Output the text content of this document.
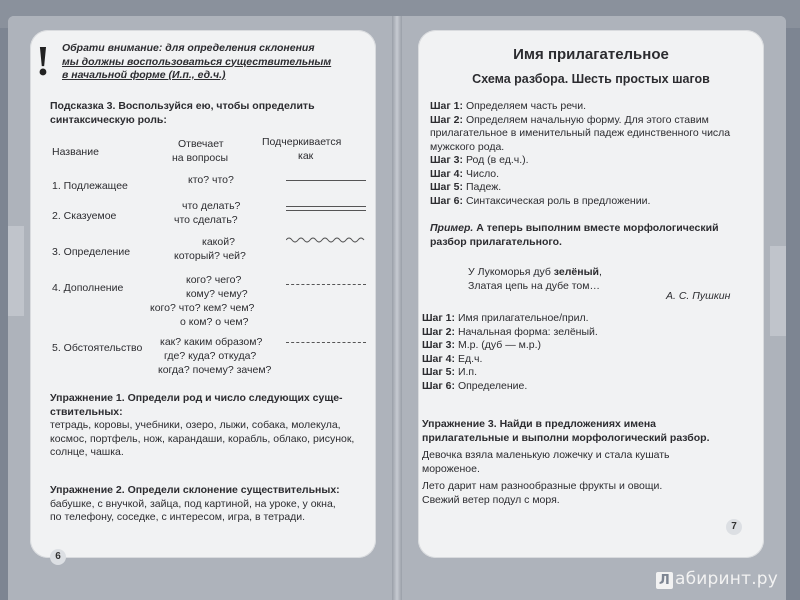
! Обрати внимание: для определения склонения
мы должны воспользоваться существительным
в начальной форме (И.п., ед.ч.)
Подсказка 3. Воспользуйся ею, чтобы определить
синтаксическую роль:
Название
Отвечает
на вопросы
Подчеркивается
как
1. Подлежащее	кто? что?
2. Сказуемое
что делать?
что сделать?
3. Определение
какой?
который? чей?
4. Дополнение
кого? чего?
кому? чему?
кого? что? кем? чем?
о ком? о чем?
5. Обстоятельство как? каким образом?
где? куда? откуда?
когда? почему? зачем?
Упражнение 1. Определи род и число следующих суще-
ствительных:
тетрадь, коровы, учебники, озеро, лыжи, собака, молекула,
космос, портфель, нож, карандаши, корабль, облако, рисунок,
солнце, чашка.
Упражнение 2. Определи склонение существительных:
бабушке, с внучкой, зайца, под картиной, на уроке, у окна,
по телефону, соседке, с интересом, игра, в тетради.
6
Имя прилагательное
Схема разбора. Шесть простых шагов
Шаг 1: Определяем часть речи.
Шаг 2: Определяем начальную форму. Для этого ставим
прилагательное в именительный падеж единственного числа
мужского рода.
Шаг 3: Род (в ед.ч.).
Шаг 4: Число.
Шаг 5: Падеж.
Шаг 6: Синтаксическая роль в предложении.
Пример. А теперь выполним вместе морфологический
разбор прилагательного.
У Лукоморья дуб зелёный,
Златая цепь на дубе том…
А. С. Пушкин
Шаг 1: Имя прилагательное/прил.
Шаг 2: Начальная форма: зелёный.
Шаг 3: М.р. (дуб — м.р.)
Шаг 4: Ед.ч.
Шаг 5: И.п.
Шаг 6: Определение.
Упражнение 3. Найди в предложениях имена
прилагательные и выполни морфологический разбор.
Девочка взяла маленькую ложечку и стала кушать
мороженое.
Лето дарит нам разнообразные фрукты и овощи.
Свежий ветер подул с моря.
7
Л абиринт.ру
